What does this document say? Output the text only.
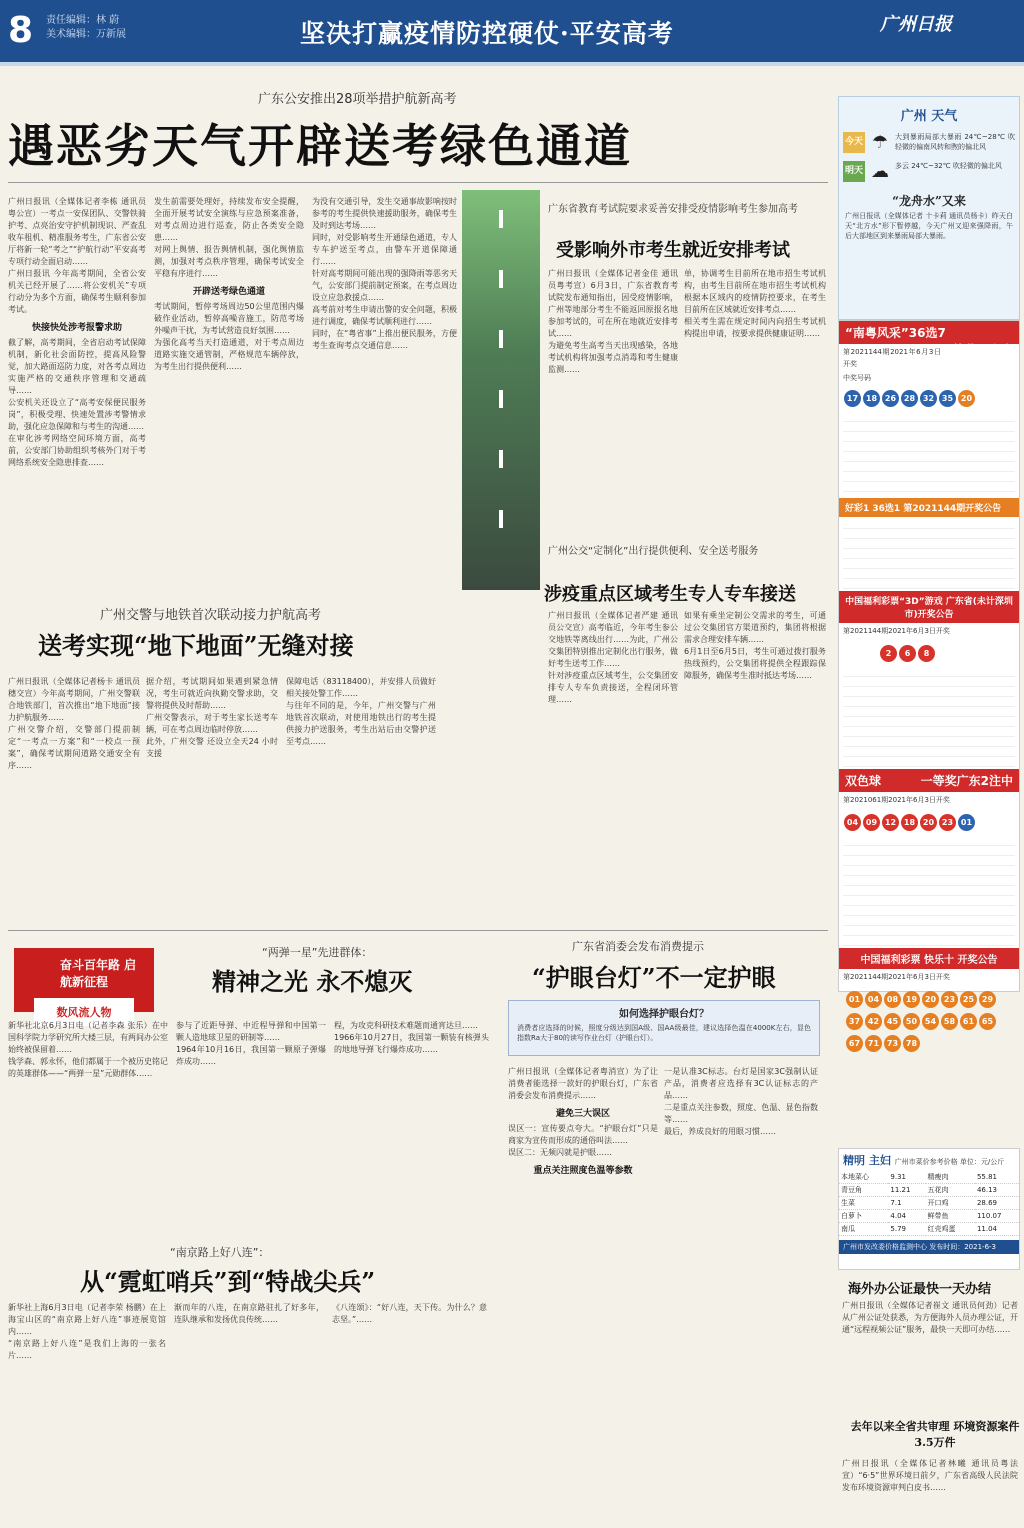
8	责任编辑：林 蔚
美术编辑：万新展	坚决打赢疫情防控硬仗·平安高考	广州日报
2021年6月4日 星期五
广东公安推出28项举措护航新高考
遇恶劣天气开辟送考绿色通道

广州日报讯（全媒体记者李栋 通讯员粤公宣）一考点一安保团队、交警铁骑护考、点亮治安守护机制现识、严查乱收车租机、精准服务考生，广东省公安厅将新一轮”考之”“护航行动”平安高考专项行动全面启动……

广州日报讯 今年高考期间，全省公安机关已经开展了……将公安机关”专项行动分为多个方面，确保考生顺利参加考试。

快接快处涉考报警求助

截了解，高考期间，全省启动考试保障机制，新化社会面防控，提高风险警觉，加大路面巡防力度，对各考点周边实施严格的交通秩序管理和交通疏导……

公安机关还设立了“高考安保便民服务岗”，积极受理、快速处置涉考警情求助，强化应急保障和与考生的沟通……

在审化涉考网络空间环境方面，高考前，公安部门协助组织考核外门对于考网络系统安全隐患排查……

发生前需要处理好，持续发布安全提醒，全面开展考试安全演练与应急预案准备，对考点周边进行巡查，防止各类安全隐患……

对网上舆情、报告舆情机制，强化舆情监测，加强对考点秩序管理，确保考试安全平稳有序进行……

开辟送考绿色通道

考试期间，暂停考场周边50公里范围内爆破作业活动，暂停高噪音施工，防范考场外噪声干扰，为考试营造良好氛围……

为强化高考当天打造通道，对于考点周边道路实施交通管制，严格规范车辆停放，为考生出行提供便利……

为没有交通引导，发生交通事故影响按时参考的考生提供快速援助服务，确保考生及时到达考场……

同时，对受影响考生开通绿色通道，专人专车护送至考点，由警车开道保障通行……

针对高考期间可能出现的强降雨等恶劣天气，公安部门提前制定预案，在考点周边设立应急救援点……

高考前对考生申请出警的安全问题，积极进行调度，确保考试顺利进行……

同时，在“粤省事”上推出便民服务，方便考生查询考点交通信息……

广东省教育考试院要求妥善安排受疫情影响考生参加高考
受影响外市考生就近安排考试

广州日报讯（全媒体记者金佳 通讯员粤考宣）6月3日，广东省教育考试院发布通知指出，因受疫情影响，广州等地部分考生不能返回原报名地参加考试的，可在所在地就近安排考试……

为避免考生高考当天出现感染，各地考试机构将加强考点消毒和考生健康监测……

单，协调考生目前所在地市招生考试机构，由考生目前所在地市招生考试机构根据本区域内的疫情防控要求，在考生目前所在区域就近安排考点……

相关考生需在规定时间内向招生考试机构提出申请，按要求提供健康证明……

广州公交“定制化”出行提供便利、安全送考服务
涉疫重点区域考生专人专车接送

广州日报讯（全媒体记者严建 通讯员公交宣）高考临近，今年考生参公交地铁等离线出行……为此，广州公交集团特别推出定制化出行服务，做好考生送考工作……

针对涉疫重点区域考生，公交集团安排专人专车负责接送，全程闭环管理……

如果有乘坐定制公交需求的考生，可通过公交集团官方渠道预约，集团将根据需求合理安排车辆……

6月1日至6月5日，考生可通过拨打服务热线预约，公交集团将提供全程跟踪保障服务，确保考生准时抵达考场……

广州交警与地铁首次联动接力护航高考
送考实现“地下地面”无缝对接

广州日报讯（全媒体记者杨卡 通讯员穗交宣）今年高考期间，广州交警联合地铁部门，首次推出“地下地面”接力护航服务……

广州交警介绍，交警部门提前制定“一考点一方案”和“一校点一预案”，确保考试期间道路交通安全有序……

据介绍，考试期间如果遇到紧急情况，考生可就近向执勤交警求助，交警将提供及时帮助……

广州交警表示，对于考生家长送考车辆，可在考点周边临时停放……

此外，广州交警 还设立全天24 小时支援

保障电话（83118400），并安排人员做好相关接处警工作……

与往年不同的是，今年，广州交警与广州地铁首次联动，对使用地铁出行的考生提供接力护送服务，考生出站后由交警护送至考点……

奋斗百年路 启航新征程
数风流人物
“两弹一星”先进群体：
精神之光 永不熄灭

新华社北京6月3日电（记者李森 张乐）在中国科学院力学研究所大楼三层，有两间办公室始终被保留着……

钱学森、郭永怀，他们都属于一个被历史铭记的英雄群体——“两弹一星”元勋群体……

参与了近距导弹、中近程导弹和中国第一颗人造地球卫星的研制等……

1964年10月16日，我国第一颗原子弹爆炸成功……

程，为攻克科研技术难题而通宵达旦……

1966年10月27日，我国第一颗装有核弹头的地地导弹飞行爆炸成功……

“南京路上好八连”：
从“霓虹哨兵”到“特战尖兵”

新华社上海6月3日电（记者李荣 杨鹏）在上海宝山区的“南京路上好八连”事迹展览馆内……

“南京路上好八连”是我们上海的一张名片……

渐而年的八连，在南京路驻扎了好多年，连队继承和发扬优良传统……

《八连颂》：“好八连，天下传。为什么？意志坚。”……

广东省消委会发布消费提示
“护眼台灯”不一定护眼
如何选择护眼台灯？
消费者应选择的时候，照度分级达到国A级、国AA级最佳，建议选择色温在4000K左右，显色指数Ra大于80的读写作业台灯（护眼台灯）。

广州日报讯（全媒体记者粤消宣）为了让消费者能选择一款好的护眼台灯，广东省消委会发布消费提示……

避免三大误区

误区一：宣传要点夸大。“护眼台灯”只是商家为宣传而形成的通俗叫法……

误区二：无频闪就是护眼……

重点关注照度色温等参数

一是认准3C标志。台灯是国家3C强制认证产品，消费者应选择有3C认证标志的产品……

二是重点关注参数，照度、色温、显色指数等……

最后，养成良好的用眼习惯……

广州 天气
今天 ☂ 大到暴雨局部大暴雨 24℃~28℃ 吹轻微的偏南风转和煦的偏北风
明天 ☁ 多云 24℃~32℃ 吹轻微的偏北风
“龙舟水”又来
广州日报讯（全媒体记者 十卡莉 通讯员杨卡）昨天白天“北方水”形下暂停越，今天广州又迎来强降雨，午后大部地区到来暴雨局部大暴雨。
“南粤风采”36选7
一等奖无人中
第2021144期2021年6月3日开奖
中奖号码
17 18 26 28 32 35 20
好彩1 36选1 第2021144期开奖公告
中国福利彩票“3D”游戏 广东省(未计深圳市)开奖公告
第2021144期2021年6月3日开奖
2 6 8
双色球	一等奖广东2注中
第2021061期2021年6月3日开奖
04 09 12 18 20 23 01
中国福利彩票 快乐十 开奖公告
第2021144期2021年6月3日开奖
01 04 08 19 20 23 25 2937 42 45 50 54 58 61 6567 71 73 78
精明 主妇 广州市菜价参考价格 单位：元/公斤
本地菜心	9.31	精瘦肉	55.81
青豆角	11.21	五花肉	46.13
生菜	7.1	开口鸡	28.69
白萝卜	4.04	鲜带鱼	110.07
南瓜	5.79	红壳鸡蛋	11.04
广州市发改委价格监测中心 发布时间：2021-6-3
海外办公证最快一天办结

广州日报讯（全媒体记者崔文 通讯员何劲）记者从广州公证处获悉，为方便海外人员办理公证，开通“远程视频公证”服务，最快一天即可办结……

去年以来全省共审理 环境资源案件3.5万件

广州日报讯（全媒体记者林曦 通讯员粤法宣）“6·5”世界环境日前夕，广东省高级人民法院发布环境资源审判白皮书……
